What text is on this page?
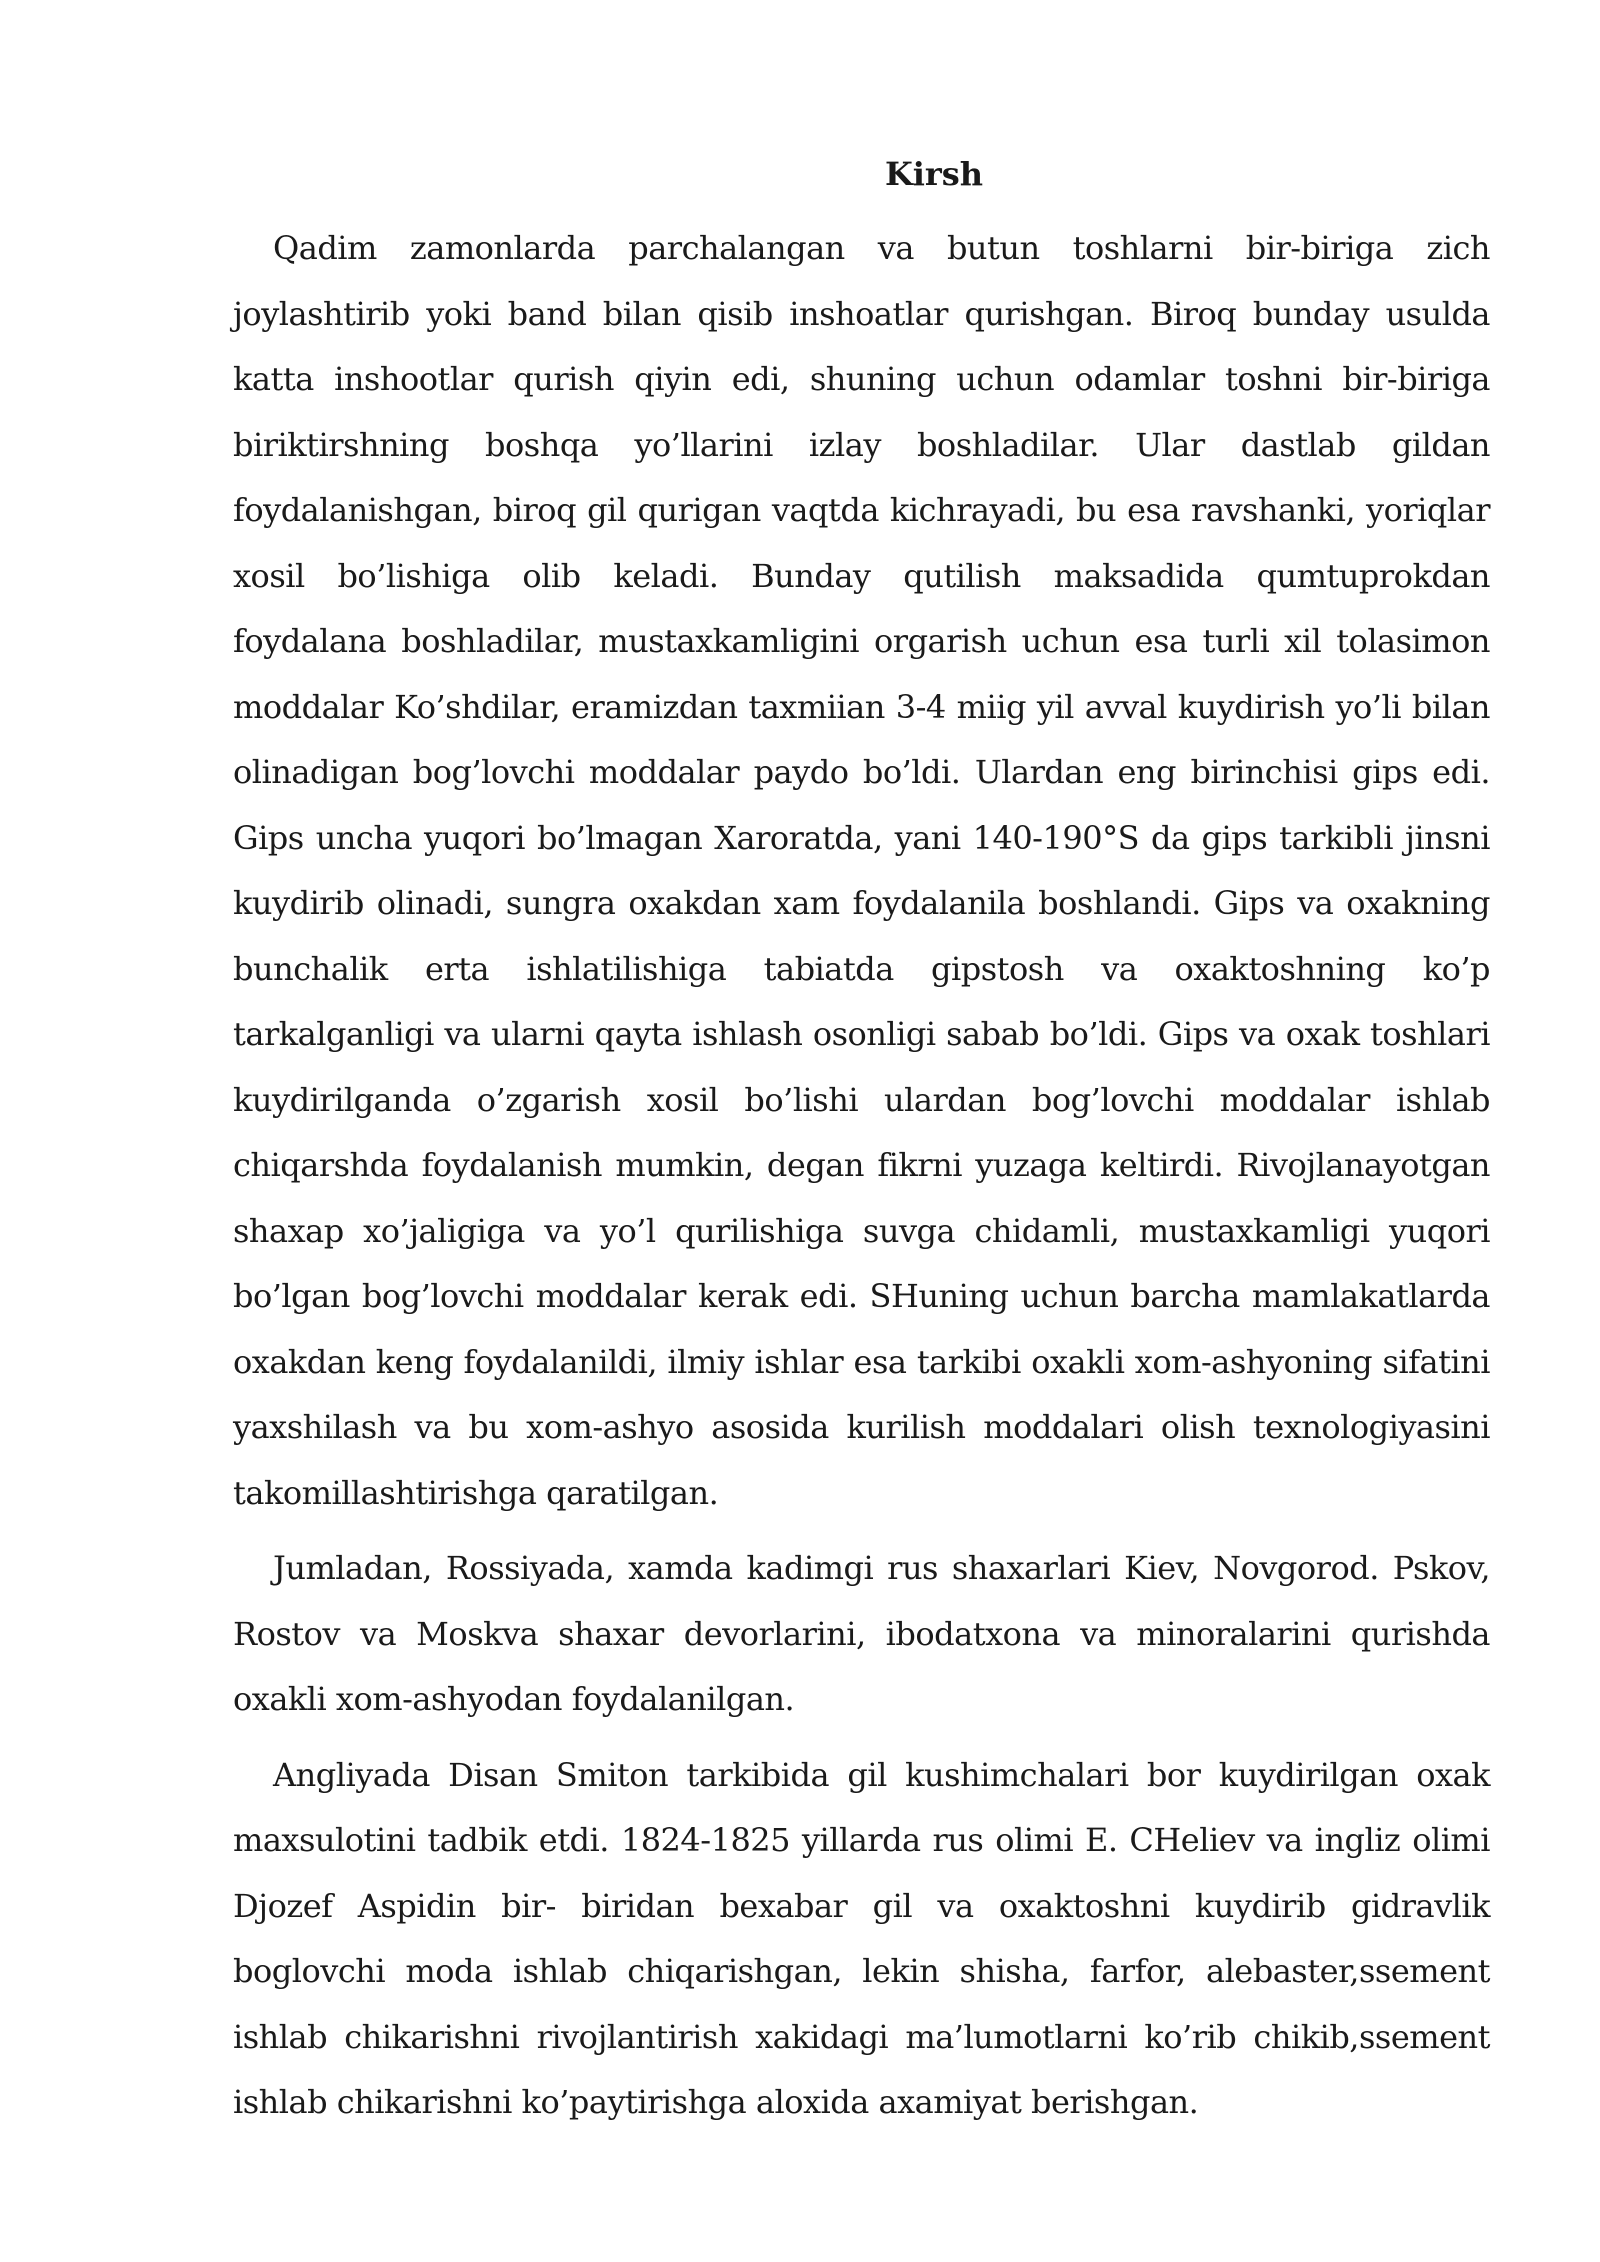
Kirsh

Qadim zamonlarda parchalangan va butun toshlarni bir-biriga zich joylashtirib yoki band bilan qisib inshoatlar qurishgan. Biroq bunday usulda katta inshootlar qurish qiyin edi, shuning uchun odamlar toshni bir-biriga biriktirshning boshqa yo’llarini izlay boshladilar. Ular dastlab gildan foydalanishgan, biroq gil qurigan vaqtda kichrayadi, bu esa ravshanki, yoriqlar xosil bo’lishiga olib keladi. Bunday qutilish maksadida qumtuprokdan foydalana boshladilar, mustaxkamligini orgarish uchun esa turli xil tolasimon moddalar Ko’shdilar, eramizdan taxmiian 3-4 miig yil avval kuydirish yo’li bilan olinadigan bog’lovchi moddalar paydo bo’ldi. Ulardan eng birinchisi gips edi. Gips uncha yuqori bo’lmagan Xaroratda, yani 140-190°S da gips tarkibli jinsni kuydirib olinadi, sungra oxakdan xam foydalanila boshlandi. Gips va oxakning bunchalik erta ishlatilishiga tabiatda gipstosh va oxaktoshning ko’p tarkalganligi va ularni qayta ishlash osonligi sabab bo’ldi. Gips va oxak toshlari kuydirilganda o’zgarish xosil bo’lishi ulardan bog’lovchi moddalar ishlab chiqarshda foydalanish mumkin, degan fikrni yuzaga keltirdi. Rivojlanayotgan shaxap xo’jaligiga va yo’l qurilishiga suvga chidamli, mustaxkamligi yuqori bo’lgan bog’lovchi moddalar kerak edi. SHuning uchun barcha mamlakatlarda oxakdan keng foydalanildi, ilmiy ishlar esa tarkibi oxakli xom-ashyoning sifatini yaxshilash va bu xom-ashyo asosida kurilish moddalari olish texnologiyasini takomillashtirishga qaratilgan.

Jumladan, Rossiyada, xamda kadimgi rus shaxarlari Kiev, Novgorod. Pskov, Rostov va Moskva shaxar devorlarini, ibodatxona va minoralarini qurishda oxakli xom-ashyodan foydalanilgan.

Angliyada Disan Smiton tarkibida gil kushimchalari bor kuydirilgan oxak maxsulotini tadbik etdi. 1824-1825 yillarda rus olimi E. CHeliev va ingliz olimi Djozef Aspidin bir- biridan bexabar gil va oxaktoshni kuydirib gidravlik boglovchi moda ishlab chiqarishgan, lekin shisha, farfor, alebaster,ssement ishlab chikarishni rivojlantirish xakidagi ma’lumotlarni ko’rib chikib,ssement ishlab chikarishni ko’paytirishga aloxida axamiyat berishgan.
